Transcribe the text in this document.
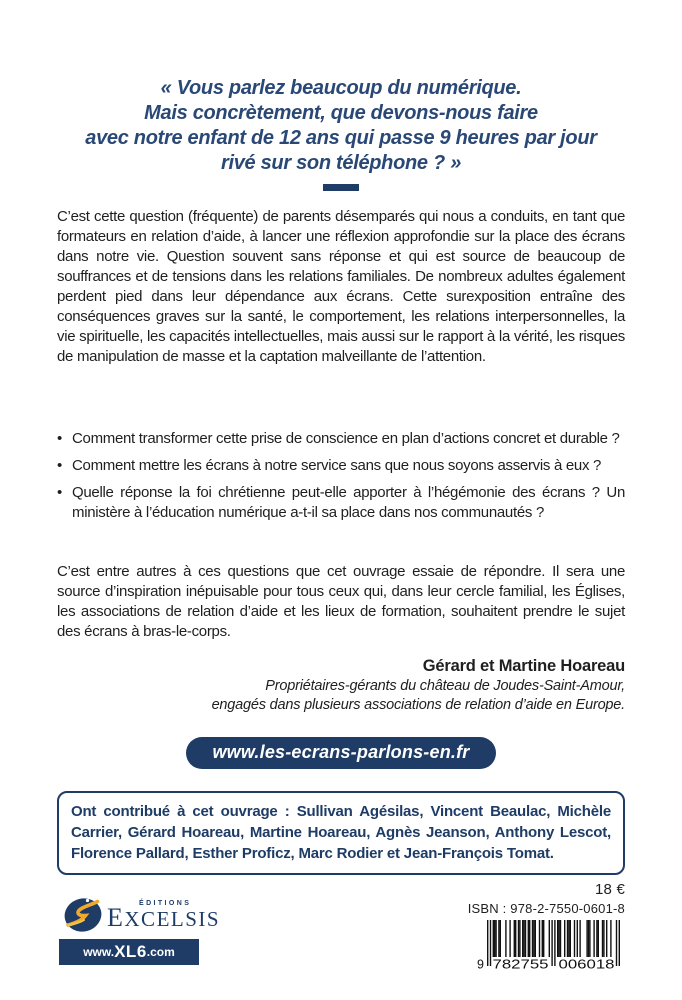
« Vous parlez beaucoup du numérique.
Mais concrètement, que devons-nous faire
avec notre enfant de 12 ans qui passe 9 heures par jour
rivé sur son téléphone ? »

C’est cette question (fréquente) de parents désemparés qui nous a conduits, en tant que formateurs en relation d’aide, à lancer une réflexion approfondie sur la place des écrans dans notre vie. Question souvent sans réponse et qui est source de beaucoup de souffrances et de tensions dans les relations familiales. De nombreux adultes également perdent pied dans leur dépendance aux écrans. Cette surexposition entraîne des conséquences graves sur la santé, le comportement, les relations interpersonnelles, la vie spirituelle, les capacités intellectuelles, mais aussi sur le rapport à la vérité, les risques de manipulation de masse et la captation malveillante de l’attention.

• Comment transformer cette prise de conscience en plan d’actions concret et durable ?
• Comment mettre les écrans à notre service sans que nous soyons asservis à eux ?
• Quelle réponse la foi chrétienne peut-elle apporter à l’hégémonie des écrans ? Un ministère à l’éducation numérique a-t-il sa place dans nos communautés ?

C’est entre autres à ces questions que cet ouvrage essaie de répondre. Il sera une source d’inspiration inépuisable pour tous ceux qui, dans leur cercle familial, les Églises, les associations de relation d’aide et les lieux de formation, souhaitent prendre le sujet des écrans à bras-le-corps.

Gérard et Martine Hoareau
Propriétaires-gérants du château de Joudes-Saint-Amour,
engagés dans plusieurs associations de relation d’aide en Europe.
www.les-ecrans-parlons-en.fr
Ont contribué à cet ouvrage : Sullivan Agésilas, Vincent Beaulac, Michèle Carrier, Gérard Hoareau, Martine Hoareau, Agnès Jeanson, Anthony Lescot, Florence Pallard, Esther Proficz, Marc Rodier et Jean-François Tomat.
ÉDITIONS
EXCELSIS
www. XL6 .com
18 €
ISBN : 978-2-7550-0601-8
9 782755 006018
